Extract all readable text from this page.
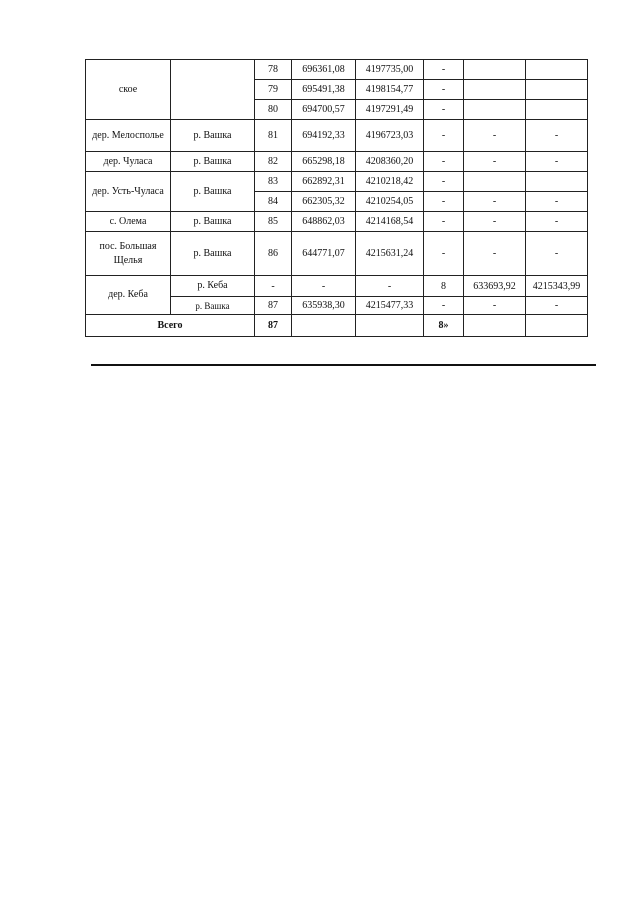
ское		78	696361,08	4197735,00	-		
		79	695491,38	4198154,77	-		
		80	694700,57	4197291,49	-		
дер. Мелосполье	р. Вашка	81	694192,33	4196723,03	-	-	-
дер. Чуласа	р. Вашка	82	665298,18	4208360,20	-	-	-
дер. Усть-Чуласа	р. Вашка	83	662892,31	4210218,42	-		
		84	662305,32	4210254,05	-	-	-
с. Олема	р. Вашка	85	648862,03	4214168,54	-	-	-
пос. Большая Щелья	р. Вашка	86	644771,07	4215631,24	-	-	-
дер. Кеба	р. Кеба	-	-	-	8	633693,92	4215343,99
	р. Вашка	87	635938,30	4215477,33	-	-	-
Всего		87			8»		
